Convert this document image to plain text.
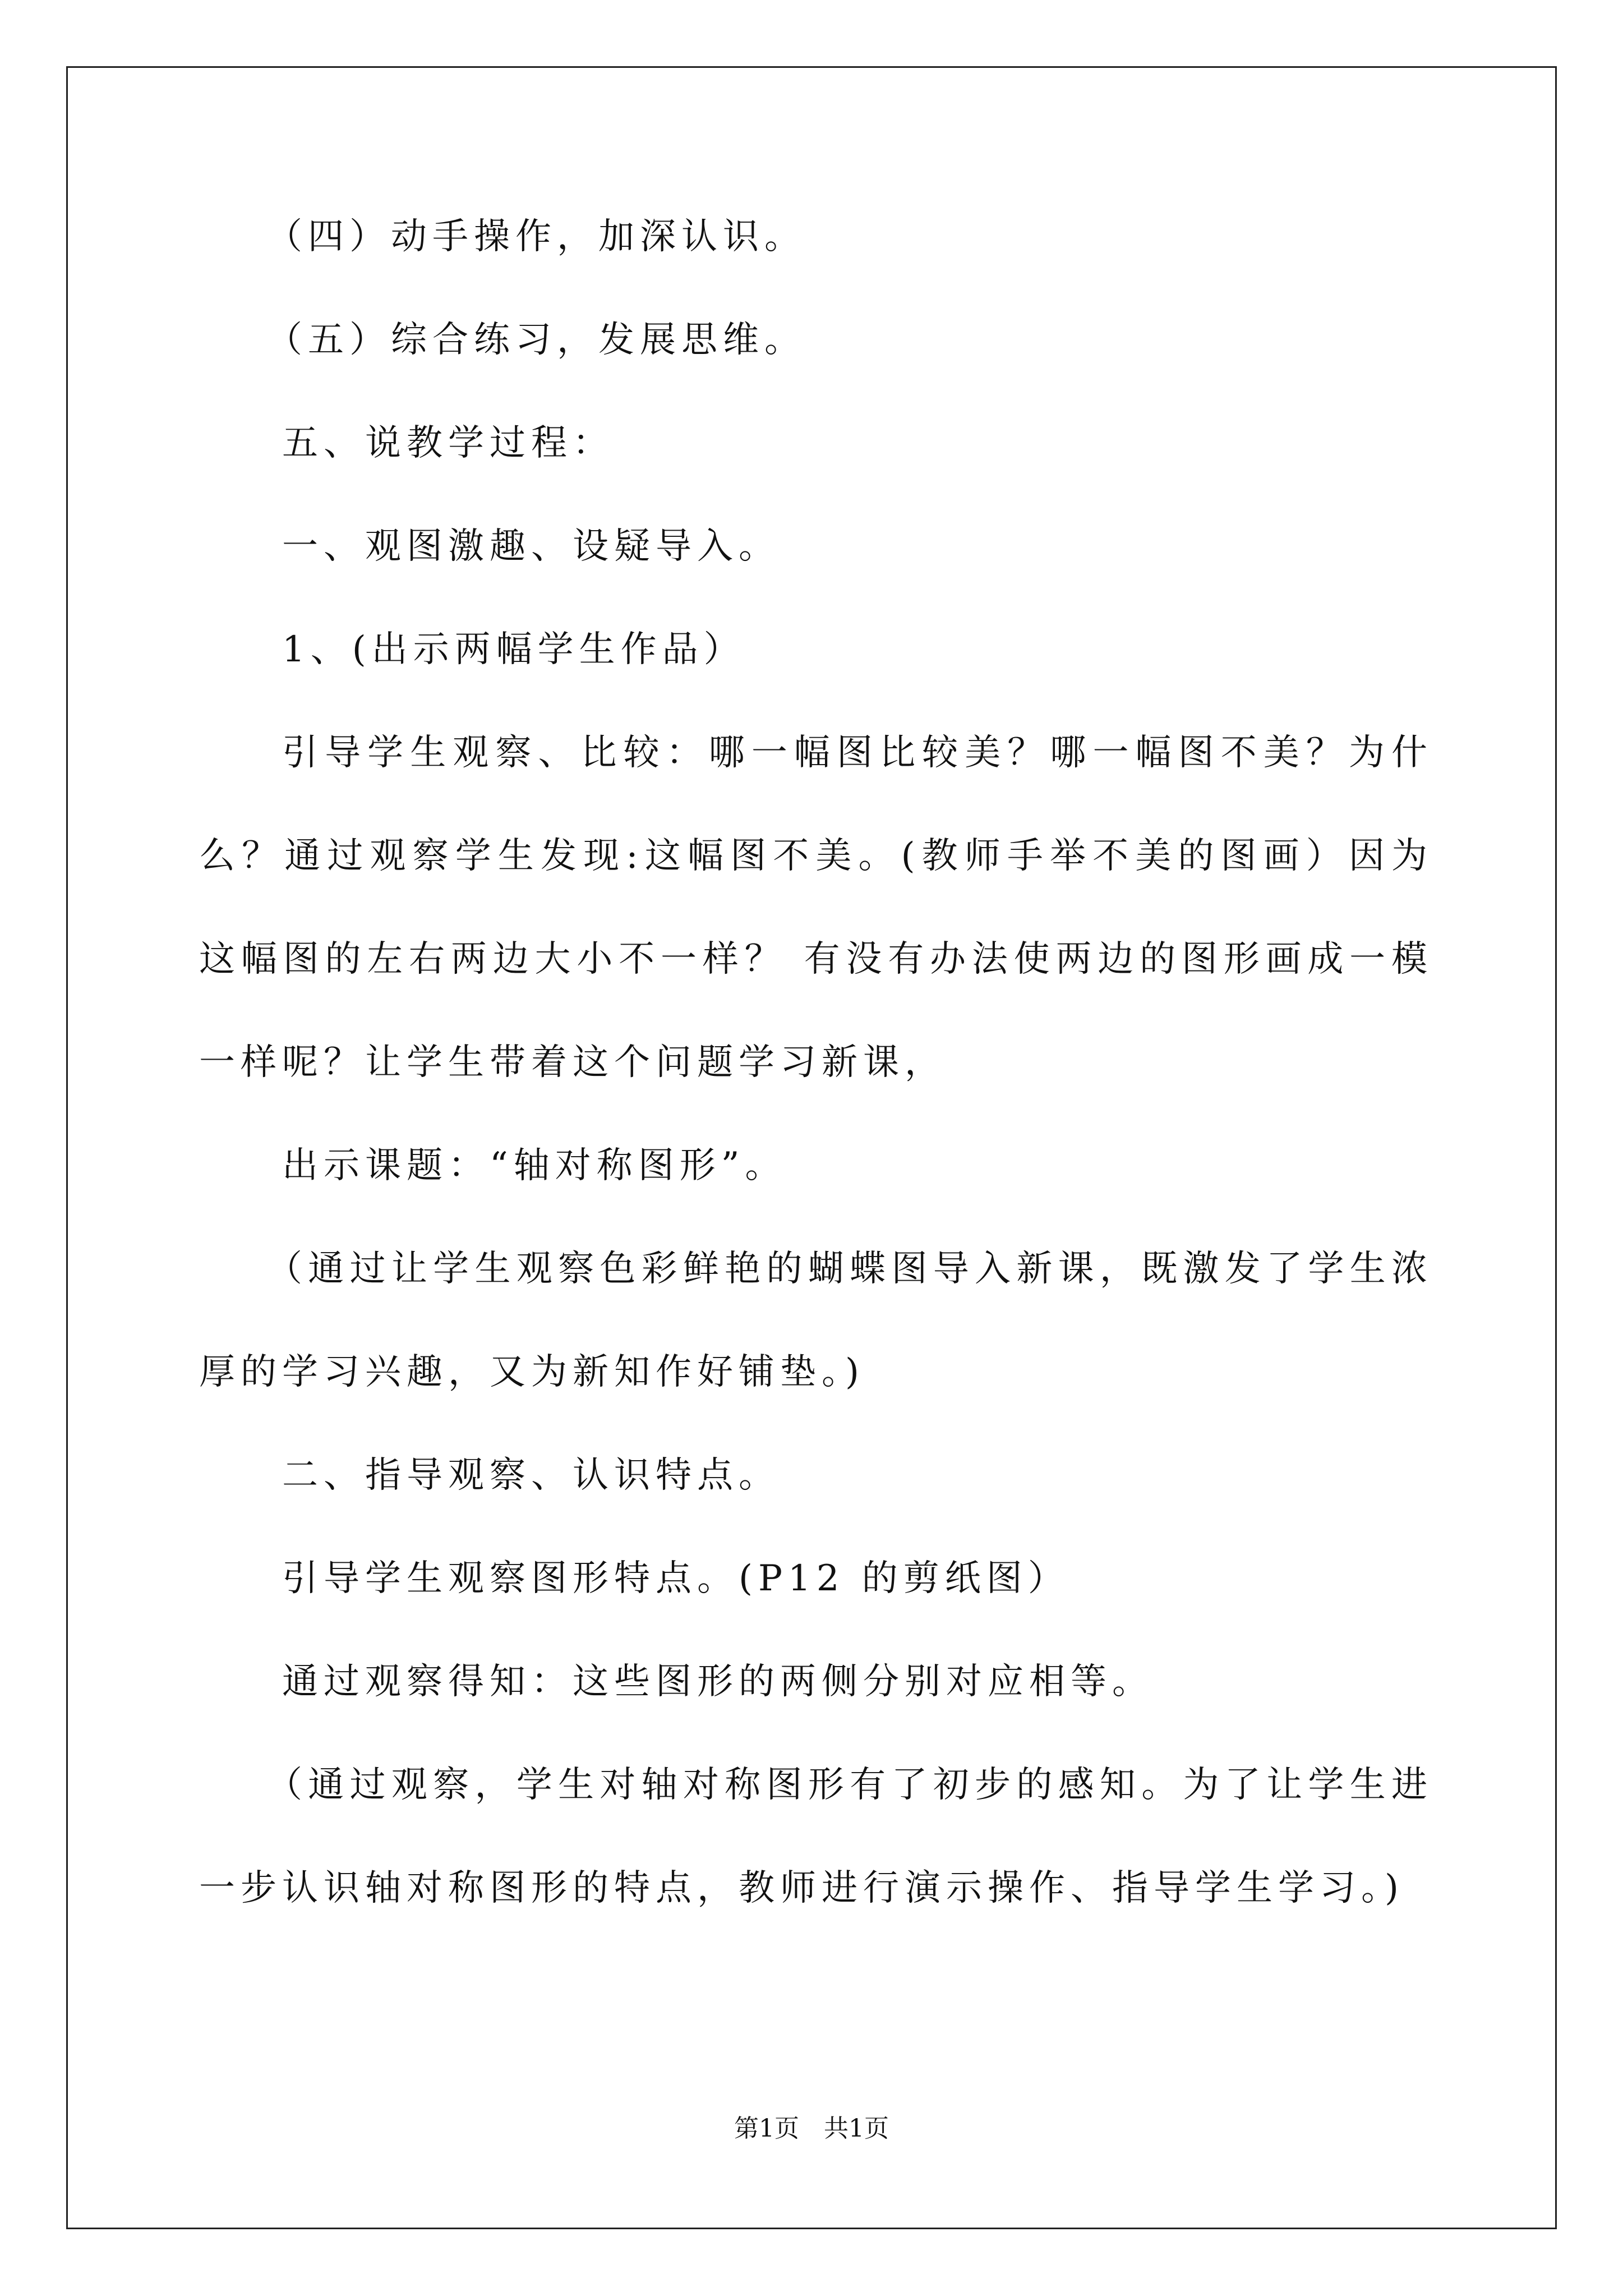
（四）动手操作，加深认识。

（五）综合练习，发展思维。

五、说教学过程：

一、观图激趣、设疑导入。

1、(出示两幅学生作品）

引导学生观察、比较：哪一幅图比较美？哪一幅图不美？为什么？通过观察学生发现:这幅图不美。(教师手举不美的图画）因为这幅图的左右两边大小不一样？ 有没有办法使两边的图形画成一模一样呢？让学生带着这个问题学习新课，

出示课题：“轴对称图形”。

（通过让学生观察色彩鲜艳的蝴蝶图导入新课，既激发了学生浓厚的学习兴趣，又为新知作好铺垫。)

二、指导观察、认识特点。

引导学生观察图形特点。(P12 的剪纸图）

通过观察得知：这些图形的两侧分别对应相等。

（通过观察，学生对轴对称图形有了初步的感知。为了让学生进一步认识轴对称图形的特点，教师进行演示操作、指导学生学习。)

第1页　共1页
